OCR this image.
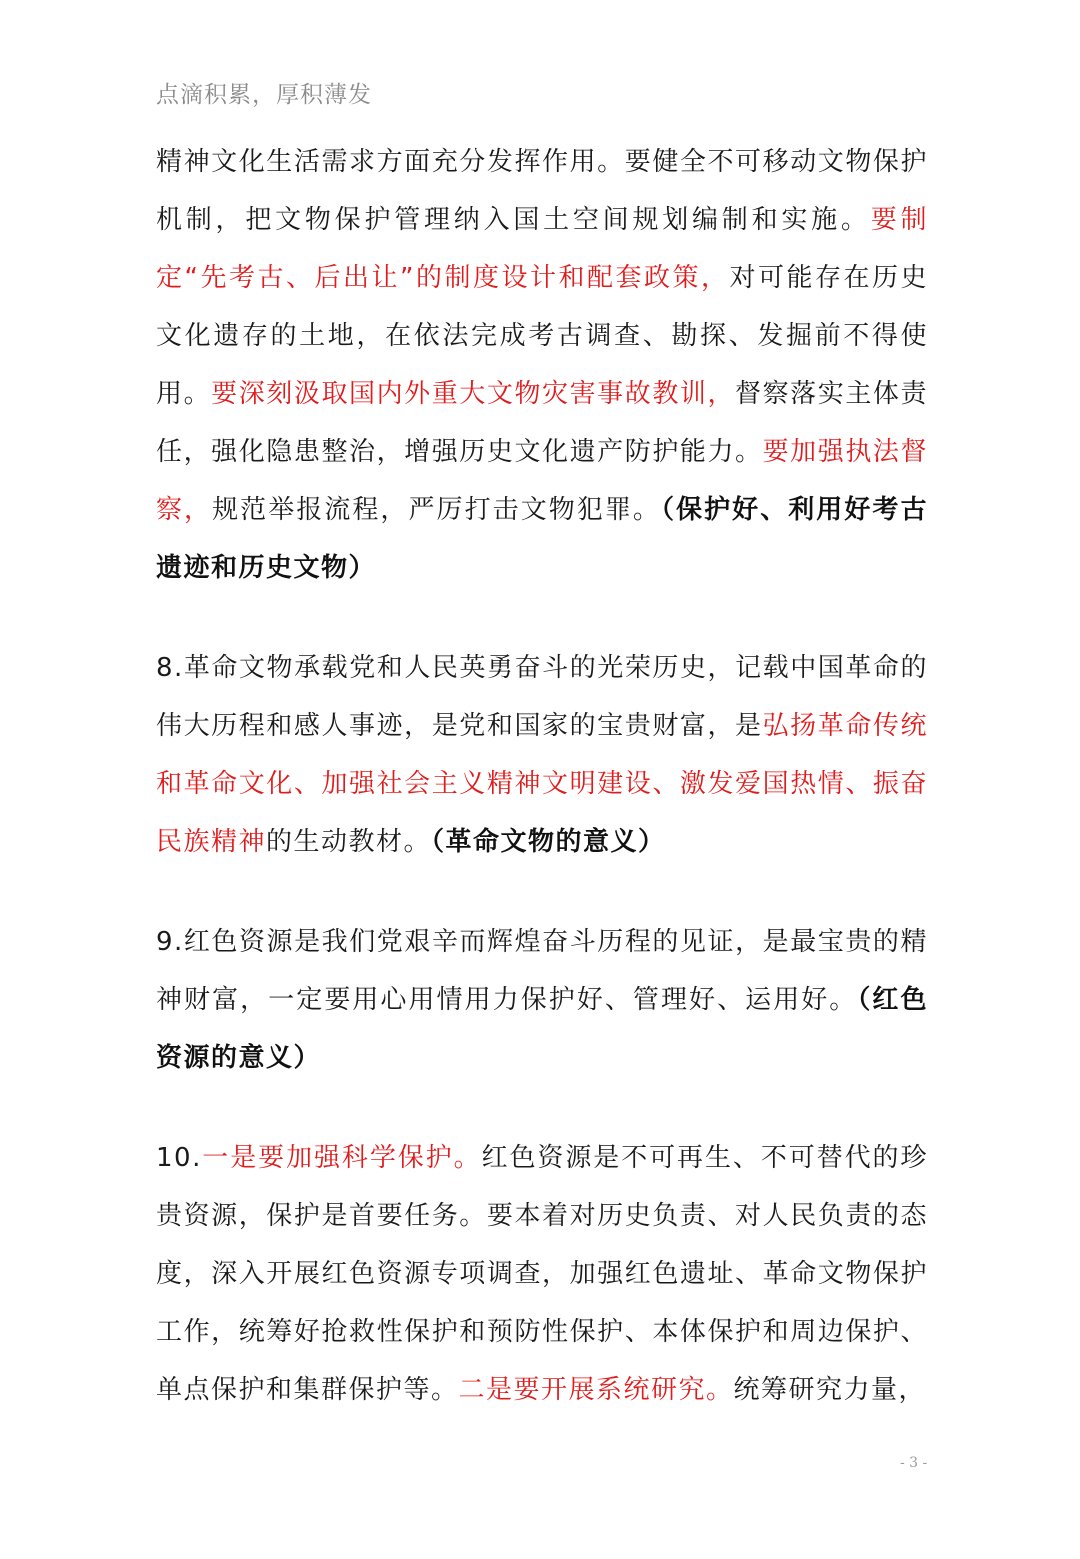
点滴积累，厚积薄发

精神文化生活需求方面充分发挥作用。要健全不可移动文物保护机制，把文物保护管理纳入国土空间规划编制和实施。要制定“先考古、后出让”的制度设计和配套政策，对可能存在历史文化遗存的土地，在依法完成考古调查、勘探、发掘前不得使用。要深刻汲取国内外重大文物灾害事故教训，督察落实主体责任，强化隐患整治，增强历史文化遗产防护能力。要加强执法督察，规范举报流程，严厉打击文物犯罪。（保护好、利用好考古遗迹和历史文物）

8.革命文物承载党和人民英勇奋斗的光荣历史，记载中国革命的伟大历程和感人事迹，是党和国家的宝贵财富，是弘扬革命传统和革命文化、加强社会主义精神文明建设、激发爱国热情、振奋民族精神的生动教材。（革命文物的意义）

9.红色资源是我们党艰辛而辉煌奋斗历程的见证，是最宝贵的精神财富，一定要用心用情用力保护好、管理好、运用好。（红色资源的意义）

10.一是要加强科学保护。红色资源是不可再生、不可替代的珍贵资源，保护是首要任务。要本着对历史负责、对人民负责的态度，深入开展红色资源专项调查，加强红色遗址、革命文物保护工作，统筹好抢救性保护和预防性保护、本体保护和周边保护、单点保护和集群保护等。二是要开展系统研究。统筹研究力量，

- 3 -
